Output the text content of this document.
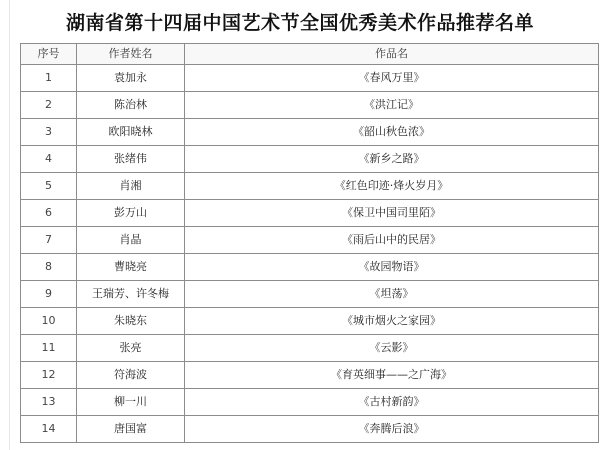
湖南省第十四届中国艺术节全国优秀美术作品推荐名单
序号	作者姓名	作品名
1	袁加永	《春风万里》
2	陈治林	《洪江记》
3	欧阳晓林	《韶山秋色浓》
4	张绪伟	《新乡之路》
5	肖湘	《红色印迹·烽火岁月》
6	彭万山	《保卫中国司里陌》
7	肖晶	《雨后山中的民居》
8	曹晓亮	《故园物语》
9	王瑞芳、许冬梅	《坦荡》
10	朱晓东	《城市烟火之家园》
11	张亮	《云影》
12	符海波	《育英细事——之广海》
13	柳一川	《古村新韵》
14	唐国富	《奔腾后浪》
